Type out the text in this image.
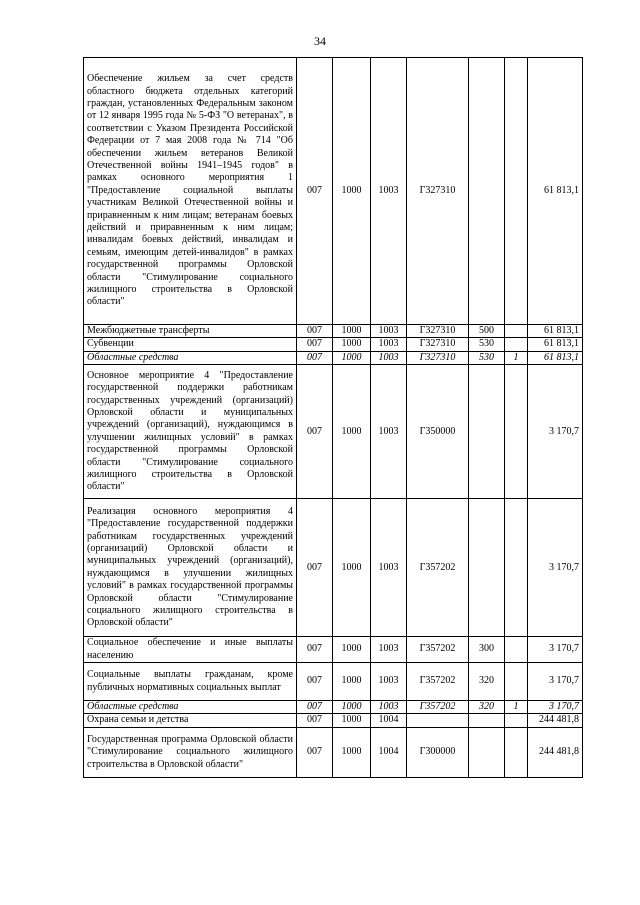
34
Обеспечение жильем за счет средств областного бюджета отдельных категорий граждан, установленных Федеральным законом от 12 января 1995 года № 5-ФЗ "О ветеранах", в соответствии с Указом Президента Российской Федерации от 7 мая 2008 года № 714 "Об обеспечении жильем ветеранов Великой Отечественной войны 1941–1945 годов" в рамках основного мероприятия 1 "Предоставление социальной выплаты участникам Великой Отечественной войны и приравненным к ним лицам; ветеранам боевых действий и приравненным к ним лицам; инвалидам боевых действий, инвалидам и семьям, имеющим детей-инвалидов" в рамках государственной программы Орловской области "Стимулирование социального жилищного строительства в Орловской области"	007	1000	1003	Г327310			61 813,1
Межбюджетные трансферты	007	1000	1003	Г327310	500		61 813,1
Субвенции	007	1000	1003	Г327310	530		61 813,1
Областные средства	007	1000	1003	Г327310	530	1	61 813,1
Основное мероприятие 4 "Предоставление государственной поддержки работникам государственных учреждений (организаций) Орловской области и муниципальных учреждений (организаций), нуждающимся в улучшении жилищных условий" в рамках государственной программы Орловской области "Стимулирование социального жилищного строительства в Орловской области"	007	1000	1003	Г350000			3 170,7
Реализация основного мероприятия 4 "Предоставление государственной поддержки работникам государственных учреждений (организаций) Орловской области и муниципальных учреждений (организаций), нуждающимся в улучшении жилищных условий" в рамках государственной программы Орловской области "Стимулирование социального жилищного строительства в Орловской области"	007	1000	1003	Г357202			3 170,7
Социальное обеспечение и иные выплаты населению	007	1000	1003	Г357202	300		3 170,7
Социальные выплаты гражданам, кроме публичных нормативных социальных выплат	007	1000	1003	Г357202	320		3 170,7
Областные средства	007	1000	1003	Г357202	320	1	3 170,7
Охрана семьи и детства	007	1000	1004				244 481,8
Государственная программа Орловской области "Стимулирование социального жилищного строительства в Орловской области"	007	1000	1004	Г300000			244 481,8
